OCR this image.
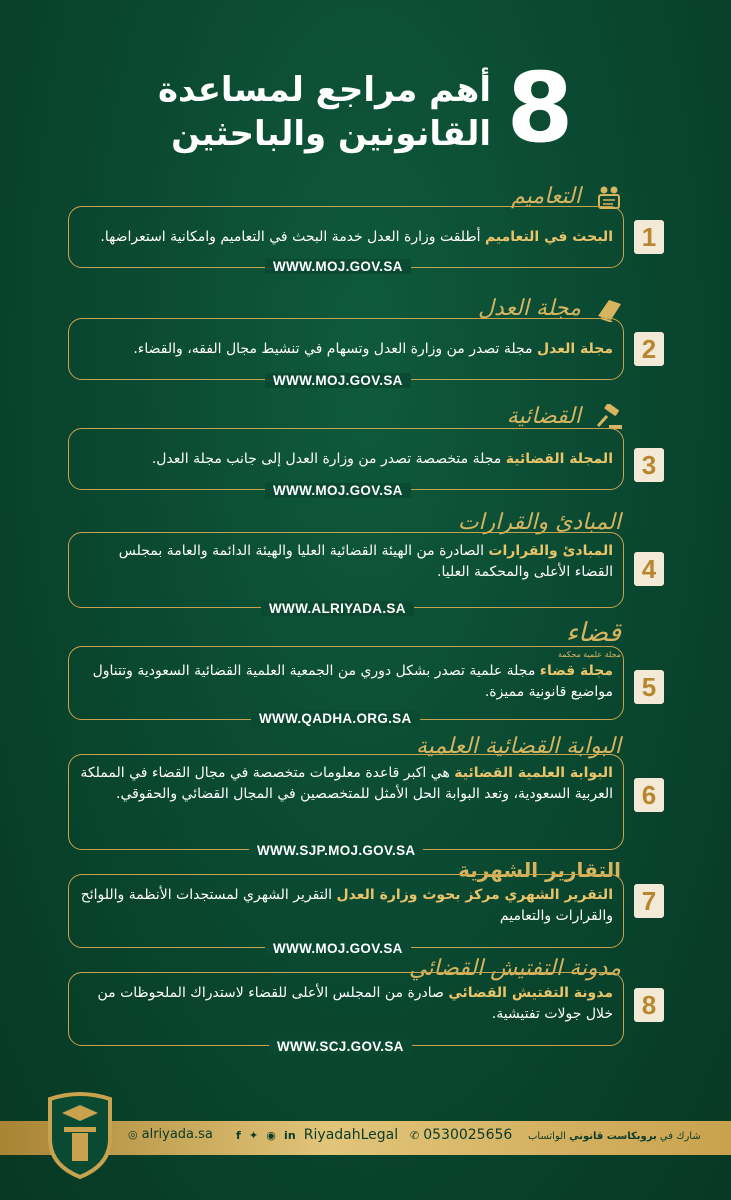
8
أهم مراجع لمساعدة
القانونين والباحثين
التعاميم
البحث في التعاميم أطلقت وزارة العدل خدمة البحث في التعاميم وامكانية استعراضها.
WWW.MOJ.GOV.SA
1
مجلة العدل
مجلة العدل مجلة تصدر من وزارة العدل وتسهام في تنشيط مجال الفقه، والقضاء.
WWW.MOJ.GOV.SA
2
القضائية
المجلة القضائية مجلة متخصصة تصدر من وزارة العدل إلى جانب مجلة العدل.
WWW.MOJ.GOV.SA
3
المبادئ والقرارات
المبادئ والقرارات الصادرة من الهيئة القضائية العليا والهيئة الدائمة والعامة بمجلس القضاء الأعلى والمحكمة العليا.
WWW.ALRIYADA.SA
4
قضاء
مجلة علمية محكمة
مجلة قضاء مجلة علمية تصدر بشكل دوري من الجمعية العلمية القضائية السعودية وتتناول مواضيع قانونية مميزة.
WWW.QADHA.ORG.SA
5
البوابة القضائية العلمية
البوابة العلمية القضائية هي اكبر قاعدة معلومات متخصصة في مجال القضاء في المملكة العربية السعودية، وتعد البوابة الحل الأمثل للمتخصصين في المجال القضائي والحقوقي.
WWW.SJP.MOJ.GOV.SA
6
التقارير الشهرية
التقرير الشهري مركز بحوث وزارة العدل التقرير الشهري لمستجدات الأنظمة واللوائح والقرارات والتعاميم
WWW.MOJ.GOV.SA
7
مدونة التفتيش القضائي
مدونة التفتيش القضائي صادرة من المجلس الأعلى للقضاء لاستدراك الملحوظات من خلال جولات تفتيشية.
WWW.SCJ.GOV.SA
8
◎ alriyada.sa f ✦ ◉ in RiyadahLegal ✆ 0530025656	شارك في بروبكاست قانوني الواتساب
